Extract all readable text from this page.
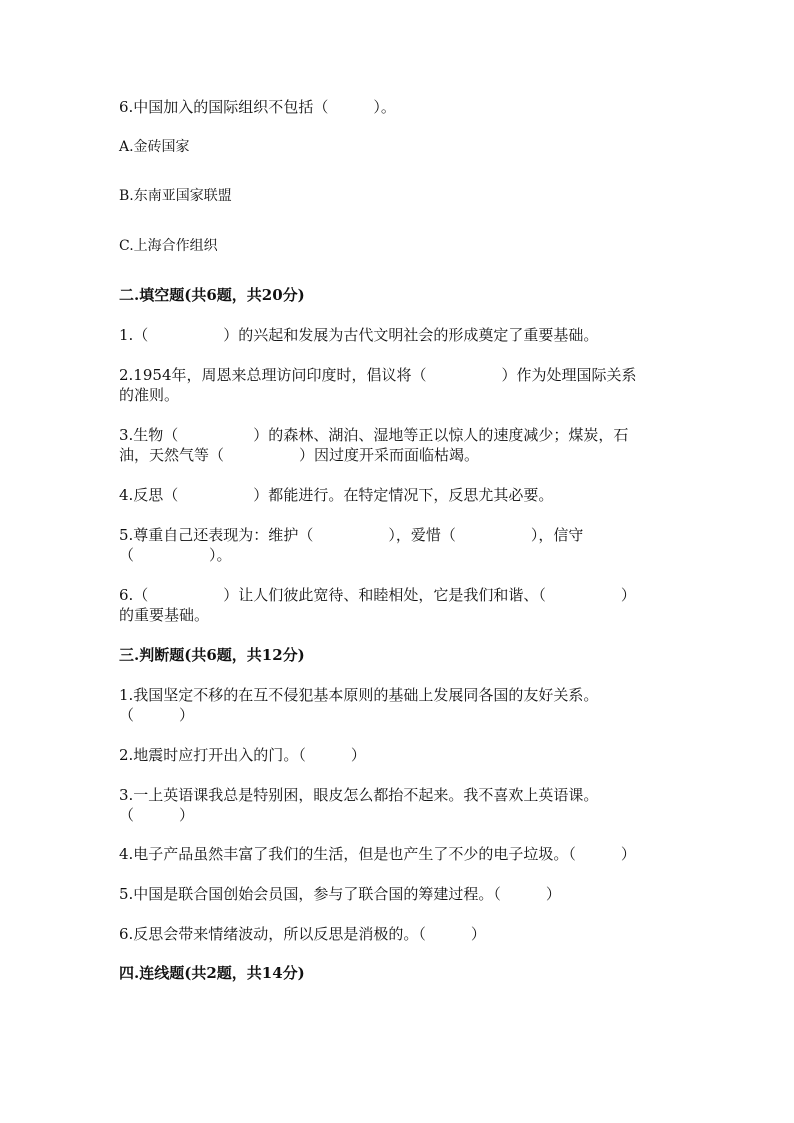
6.中国加入的国际组织不包括（　　　）。
A.金砖国家
B.东南亚国家联盟
C.上海合作组织
二.填空题(共6题，共20分)
1.（　　　　　）的兴起和发展为古代文明社会的形成奠定了重要基础。
2.1954年，周恩来总理访问印度时，倡议将（　　　　　）作为处理国际关系
的准则。
3.生物（　　　　　）的森林、湖泊、湿地等正以惊人的速度减少；煤炭，石
油，天然气等（　　　　　）因过度开采而面临枯竭。
4.反思（　　　　　）都能进行。在特定情况下，反思尤其必要。
5.尊重自己还表现为：维护（　　　　　），爱惜（　　　　　），信守
（　　　　　）。
6.（　　　　　）让人们彼此宽待、和睦相处，它是我们和谐、（　　　　　）
的重要基础。
三.判断题(共6题，共12分)
1.我国坚定不移的在互不侵犯基本原则的基础上发展同各国的友好关系。
（　　　）
2.地震时应打开出入的门。（　　　）
3.一上英语课我总是特别困，眼皮怎么都抬不起来。我不喜欢上英语课。
（　　　）
4.电子产品虽然丰富了我们的生活，但是也产生了不少的电子垃圾。（　　　）
5.中国是联合国创始会员国，参与了联合国的筹建过程。（　　　）
6.反思会带来情绪波动，所以反思是消极的。（　　　）
四.连线题(共2题，共14分)
